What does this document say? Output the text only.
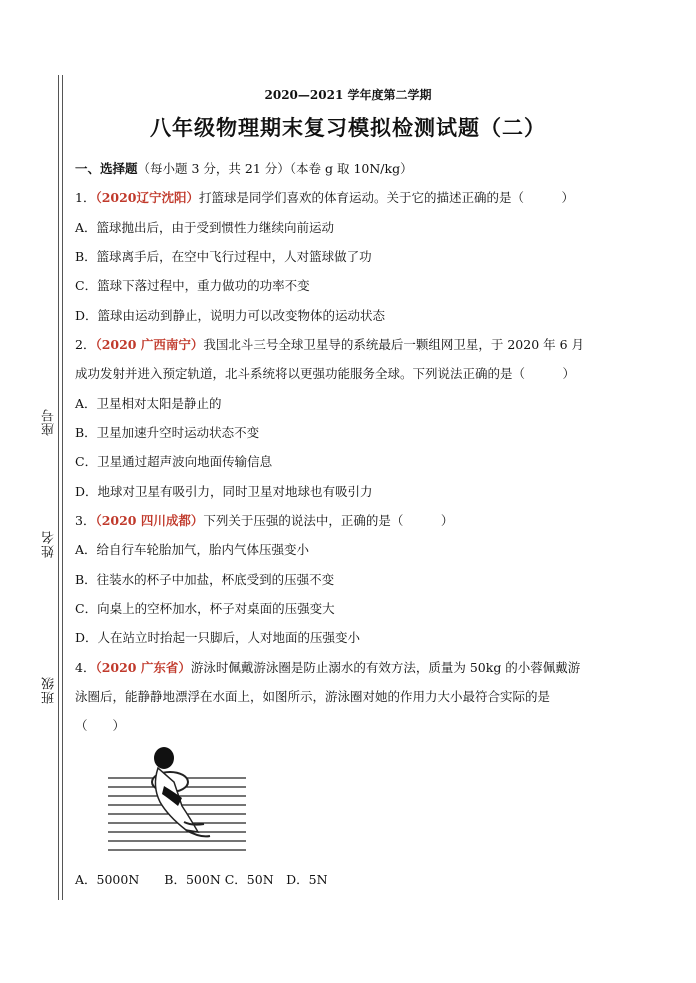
座号
姓名
班级
2020—2021 学年度第二学期
八年级物理期末复习模拟检测试题（二）
一、选择题（每小题 3 分，共 21 分）（本卷 g 取 10N/kg）
1．（2020辽宁沈阳）打篮球是同学们喜欢的体育运动。关于它的描述正确的是（　　　）
A．篮球抛出后，由于受到惯性力继续向前运动
B．篮球离手后，在空中飞行过程中，人对篮球做了功
C．篮球下落过程中，重力做功的功率不变
D．篮球由运动到静止，说明力可以改变物体的运动状态
2．（2020 广西南宁）我国北斗三号全球卫星导的系统最后一颗组网卫星，于 2020 年 6 月
成功发射并进入预定轨道，北斗系统将以更强功能服务全球。下列说法正确的是（　　　）
A．卫星相对太阳是静止的
B．卫星加速升空时运动状态不变
C．卫星通过超声波向地面传输信息
D．地球对卫星有吸引力，同时卫星对地球也有吸引力
3．（2020 四川成都）下列关于压强的说法中，正确的是（　　　）
A．给自行车轮胎加气，胎内气体压强变小
B．往装水的杯子中加盐，杯底受到的压强不变
C．向桌上的空杯加水，杯子对桌面的压强变大
D．人在站立时抬起一只脚后，人对地面的压强变小
4．（2020 广东省）游泳时佩戴游泳圈是防止溺水的有效方法，质量为 50kg 的小蓉佩戴游
泳圈后，能静静地漂浮在水面上，如图所示，游泳圈对她的作用力大小最符合实际的是
（　　）
A．5000N　　B．500N C．50N　D．5N
